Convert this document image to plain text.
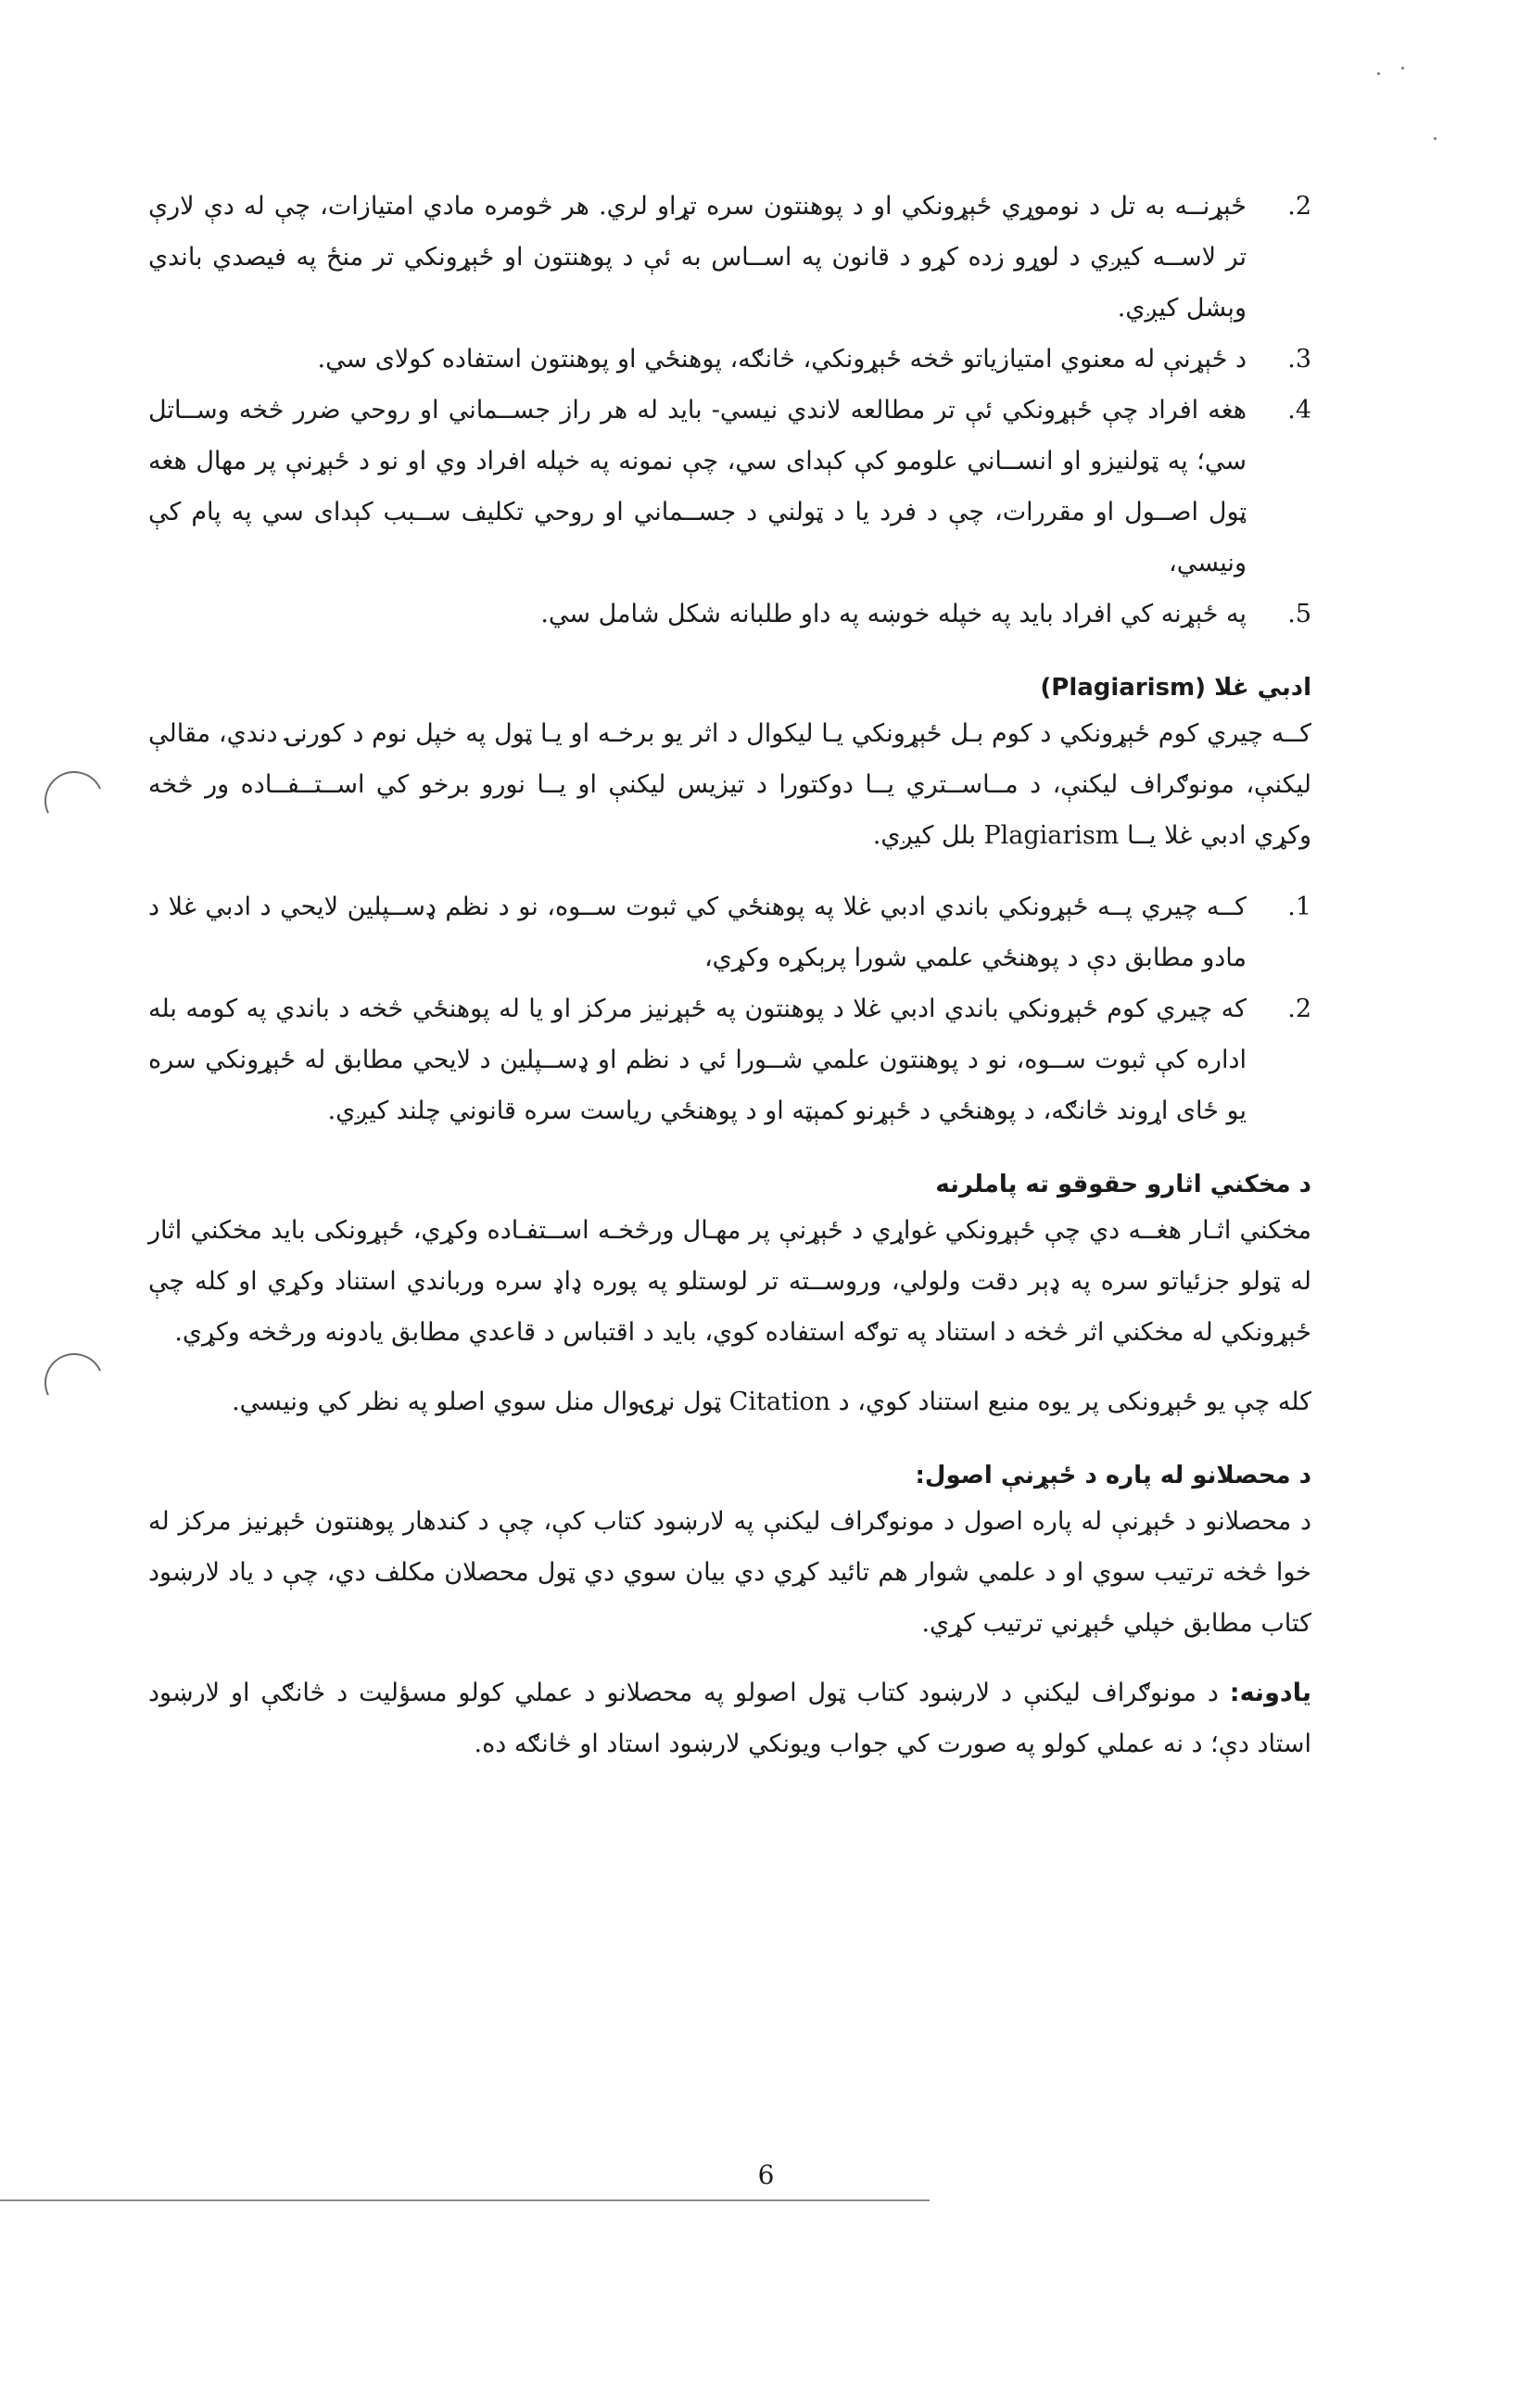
2.
ځېړنــه به تل د نوموړي ځېړونکي او د پوهنتون سره تړاو لري. هر څومره مادي امتيازات، چې له دې لارې تر لاســه کيږي د لوړو زده کړو د قانون په اســاس به ئې د پوهنتون او ځېړونکي تر منځ په فيصدي باندي وېشل کيږي.
3.
د ځېړنې له معنوي امتيازياتو څخه ځېړونکي، څانګه، پوهنځي او پوهنتون استفاده کولای سي.
4.
هغه افراد چې ځېړونکي ئې تر مطالعه لاندي نيسي- بايد له هر راز جســماني او روحي ضرر څخه وســاتل سي؛ په ټولنيزو او انســاني علومو کې کېداى سي، چې نمونه په خپله افراد وي او نو د ځېړنې پر مهال هغه ټول اصــول او مقررات، چې د فرد يا د ټولني د جســماني او روحي تکليف ســبب کېداى سي په پام کې ونيسي،
5.
په ځېړنه کي افراد بايد په خپله خوښه په داو طلبانه شکل شامل سي.
ادبي غلا (Plagiarism)

کــه چيري کوم ځېړونکي د کوم بـل ځېړونکي يـا ليکوال د اثر يو برخـه او يـا ټول په خپل نوم د کورنۍ دندي، مقالې ليکنې، مونوګراف ليکنې، د مــاســتري يــا دوکتورا د تيزيس ليکنې او يــا نورو برخو کي اســتــفــاده ور څخه وکړي ادبي غلا يــا Plagiarism بلل کيږي.

1.
کــه چيري پــه ځېړونکي باندي ادبي غلا په پوهنځي کي ثبوت ســوه، نو د نظم ډســپلين لايحي د ادبي غلا د مادو مطابق دې د پوهنځي علمي شورا پرېکړه وکړي،
2.
که چيري کوم ځېړونکي باندي ادبي غلا د پوهنتون په ځېړنيز مرکز او يا له پوهنځي څخه د باندي په کومه بله اداره کې ثبوت ســوه، نو د پوهنتون علمي شــورا ئي د نظم او ډســپلين د لايحي مطابق له ځېړونکي سره يو ځاى اړوند څانګه، د پوهنځي د ځېړنو کمېټه او د پوهنځي رياست سره قانوني چلند کيږي.
د مخکني اثارو حقوقو ته پاملرنه

مخکني اثـار هغــه دي چې ځېړونکي غواړي د ځېړنې پر مهـال ورڅخـه اســتفـاده وکړي، ځېړونکی بايد مخکني اثار له ټولو جزئياتو سره په ډېر دقت ولولي، وروســته تر لوستلو په پوره ډاډ سره ورباندي استناد وکړي او کله چې ځېړونکي له مخکني اثر څخه د استناد په توګه استفاده کوي، بايد د اقتباس د قاعدي مطابق يادونه ورڅخه وکړي.

کله چې يو ځېړونکی پر يوه منبع استناد کوي، د Citation ټول نړۍوال منل سوي اصلو په نظر کي ونيسي.

د محصلانو له پاره د ځېړنې اصول:

د محصلانو د ځېړنې له پاره اصول د مونوګراف ليکنې په لارښود کتاب کې، چې د کندهار پوهنتون ځېړنيز مرکز له خوا څخه ترتيب سوي او د علمي شوار هم تائيد کړي دي بيان سوي دي ټول محصلان مکلف دي، چې د ياد لارښود کتاب مطابق خپلي ځېړني ترتيب کړي.

يادونه: د مونوګراف ليکنې د لارښود کتاب ټول اصولو په محصلانو د عملي کولو مسؤليت د څانګې او لارښود استاد دې؛ د نه عملي کولو په صورت کي جواب ويونکي لارښود استاد او څانګه ده.

6
